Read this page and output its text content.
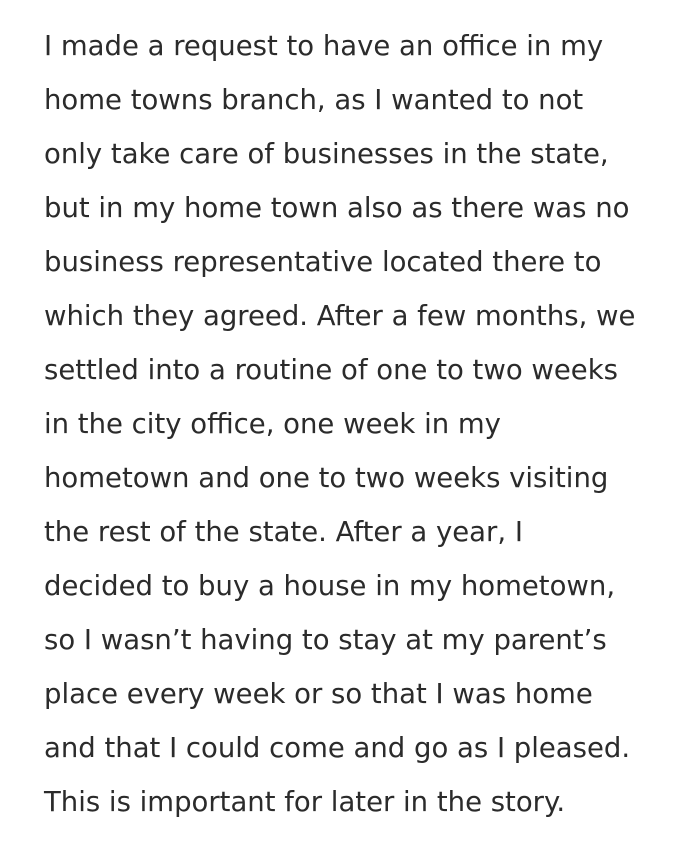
I made a request to have an office in my
home towns branch, as I wanted to not
only take care of businesses in the state,
but in my home town also as there was no
business representative located there to
which they agreed. After a few months, we
settled into a routine of one to two weeks
in the city office, one week in my
hometown and one to two weeks visiting
the rest of the state. After a year, I
decided to buy a house in my hometown,
so I wasn’t having to stay at my parent’s
place every week or so that I was home
and that I could come and go as I pleased.
This is important for later in the story.
